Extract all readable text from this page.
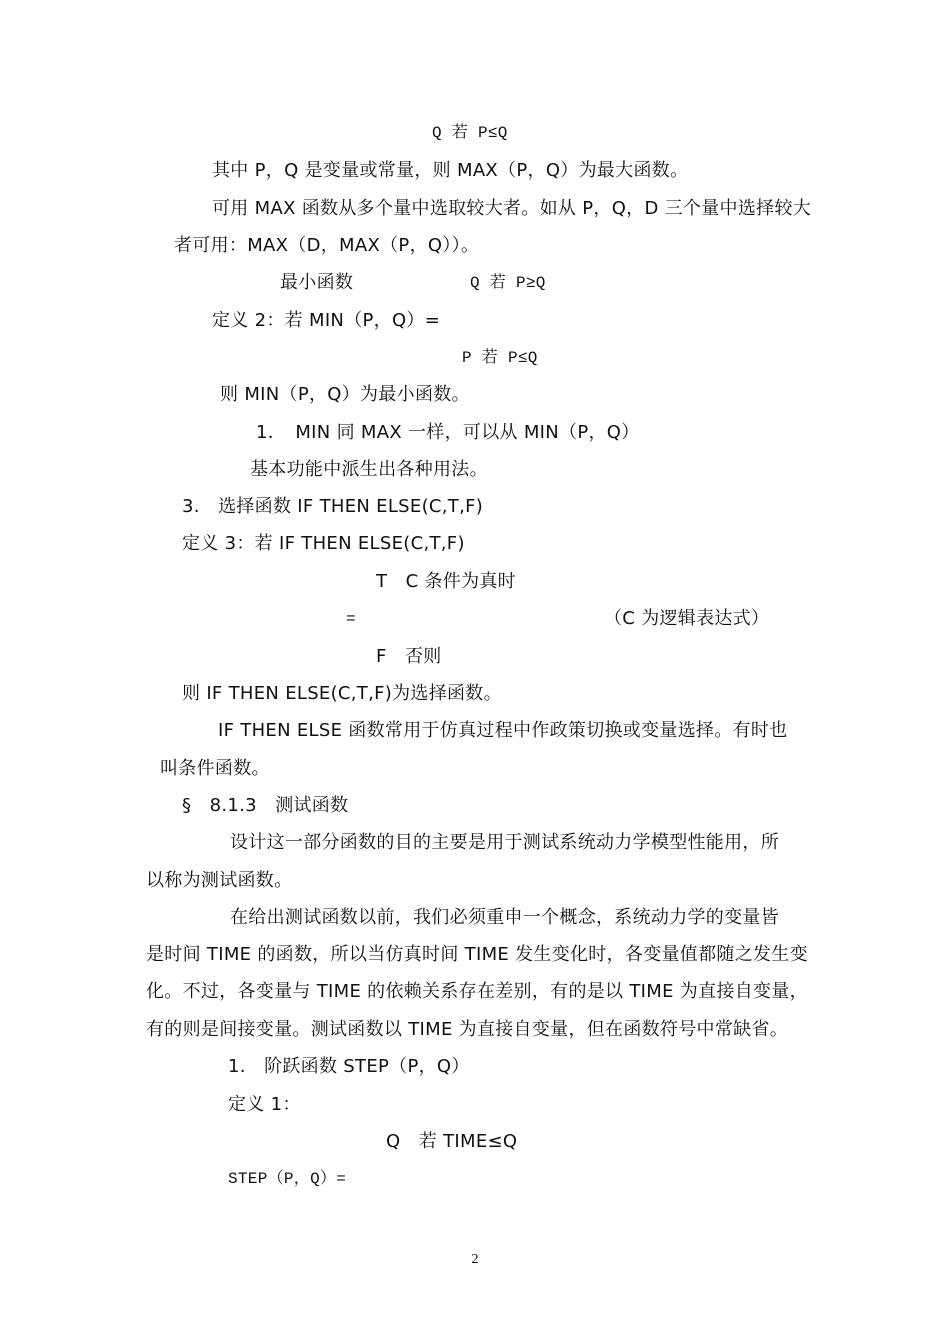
Q 若 P≤Q
其中 P，Q 是变量或常量，则 MAX（P，Q）为最大函数。
可用 MAX 函数从多个量中选取较大者。如从 P，Q，D 三个量中选择较大
者可用：MAX（D，MAX（P，Q））。
最小函数	Q 若 P≥Q
定义 2：若 MIN（P，Q）=
P 若 P≤Q
则 MIN（P，Q）为最小函数。
1．　MIN 同 MAX 一样，可以从 MIN（P，Q）
基本功能中派生出各种用法。
3.　选择函数 IF THEN ELSE(C,T,F)
定义 3：若 IF THEN ELSE(C,T,F)
T　C 条件为真时
=	（C 为逻辑表达式）
F　否则
则 IF THEN ELSE(C,T,F)为选择函数。
IF THEN ELSE 函数常用于仿真过程中作政策切换或变量选择。有时也
叫条件函数。
§　8.1.3　测试函数
设计这一部分函数的目的主要是用于测试系统动力学模型性能用，所
以称为测试函数。
在给出测试函数以前，我们必须重申一个概念，系统动力学的变量皆
是时间 TIME 的函数，所以当仿真时间 TIME 发生变化时，各变量值都随之发生变
化。不过，各变量与 TIME 的依赖关系存在差别，有的是以 TIME 为直接自变量，
有的则是间接变量。测试函数以 TIME 为直接自变量，但在函数符号中常缺省。
1.　阶跃函数 STEP（P，Q）
定义 1：
Q　若 TIME≤Q
STEP（P，Q）=
2
